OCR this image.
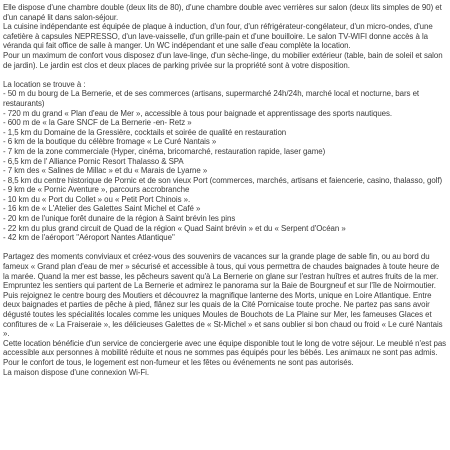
Elle dispose d'une chambre double (deux lits de 80), d'une chambre double avec verrières sur salon (deux lits simples de 90) et d'un canapé lit dans salon-séjour.

La cuisine indépendante est équipée de plaque à induction, d'un four, d'un réfrigérateur-congélateur, d'un micro-ondes, d'une cafetière à capsules NEPRESSO, d'un lave-vaisselle, d'un grille-pain et d'une bouilloire. Le salon TV-WIFI donne accès à la véranda qui fait office de salle à manger. Un WC indépendant et une salle d'eau complète la location.

Pour un maximum de confort vous disposez d'un lave-linge, d'un sèche-linge, du mobilier extérieur (table, bain de soleil et salon de jardin). Le jardin est clos et deux places de parking privée sur la propriété sont à votre disposition.

La location se trouve à :

- 50 m du bourg de La Bernerie, et de ses commerces (artisans, supermarché 24h/24h, marché local et nocturne, bars et restaurants)

- 720 m du grand « Plan d'eau de Mer », accessible à tous pour baignade et apprentissage des sports nautiques.

- 600 m de « la Gare SNCF de La Bernerie -en- Retz »

- 1,5 km du Domaine de la Gressière, cocktails et soirée de qualité en restauration

- 6 km de la boutique du célèbre fromage « Le Curé Nantais »

- 7 km de la zone commerciale (Hyper, cinéma, bricomarché, restauration rapide, laser game)

- 6,5 km de l' Alliance Pornic Resort Thalasso & SPA

- 7 km des « Salines de Millac » et du « Marais de Lyarne »

- 8,5 km du centre historique de Pornic et de son vieux Port (commerces, marchés, artisans et faiencerie, casino, thalasso, golf)

- 9 km de « Pornic Aventure », parcours accrobranche

- 10 km du « Port du Collet » ou « Petit Port Chinois ».

- 16 km de « L'Atelier des Galettes Saint Michel et Café »

- 20 km de l'unique forêt dunaire de la région à Saint brévin les pins

- 22 km du plus grand circuit de Quad de la région « Quad Saint brévin » et du « Serpent d'Océan »

- 42 km de l'aéroport "Aéroport Nantes Atlantique"

Partagez des moments conviviaux et créez-vous des souvenirs de vacances sur la grande plage de sable fin, ou au bord du fameux « Grand plan d'eau de mer » sécurisé et accessible à tous, qui vous permettra de chaudes baignades à toute heure de la marée. Quand la mer est basse, les pêcheurs savent qu'à La Bernerie on glane sur l'estran huîtres et autres fruits de la mer. Empruntez les sentiers qui partent de La Bernerie et admirez le panorama sur la Baie de Bourgneuf et sur l'île de Noirmoutier. Puis rejoignez le centre bourg des Moutiers et découvrez la magnifique lanterne des Morts, unique en Loire Atlantique. Entre deux baignades et parties de pêche à pied, flânez sur les quais de la Cité Pornicaise toute proche. Ne partez pas sans avoir dégusté toutes les spécialités locales comme les uniques Moules de Bouchots de La Plaine sur Mer, les fameuses Glaces et confitures de « La Fraiseraie », les délicieuses Galettes de « St-Michel » et sans oublier si bon chaud ou froid « Le curé Nantais ».

Cette location bénéficie d'un service de conciergerie avec une équipe disponible tout le long de votre séjour. Le meublé n'est pas accessible aux personnes à mobilité réduite et nous ne sommes pas équipés pour les bébés. Les animaux ne sont pas admis.

Pour le confort de tous, le logement est non-fumeur et les fêtes ou événements ne sont pas autorisés.

La maison dispose d'une connexion Wi-Fi.
